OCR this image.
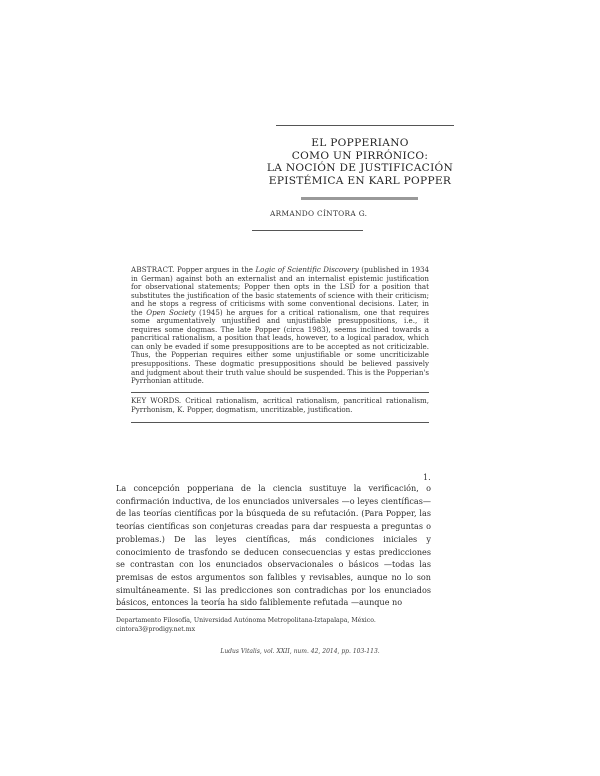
EL POPPERIANO
COMO UN PIRRÓNICO:
LA NOCIÓN DE JUSTIFICACIÓN
EPISTÉMICA EN KARL POPPER
ARMANDO CÍNTORA G.
ABSTRACT. Popper argues in the Logic of Scientific Discovery (published in 1934 in German) against both an externalist and an internalist epistemic justification for observational statements; Popper then opts in the LSD for a position that substitutes the justification of the basic statements of science with their criticism; and he stops a regress of criticisms with some conventional decisions. Later, in the Open Society (1945) he argues for a critical rationalism, one that requires some argumentatively unjustified and unjustifiable presuppositions, i.e., it requires some dogmas. The late Popper (circa 1983), seems inclined towards a pancritical rationalism, a position that leads, however, to a logical paradox, which can only be evaded if some presuppositions are to be accepted as not criticizable. Thus, the Popperian requires either some unjustifiable or some uncriticizable presuppositions. These dogmatic presuppositions should be believed passively and judgment about their truth value should be suspended. This is the Popperian's Pyrrhonian attitude.
KEY WORDS. Critical rationalism, acritical rationalism, pancritical rationalism, Pyrrhonism, K. Popper, dogmatism, uncritizable, justification.
1.

La concepción popperiana de la ciencia sustituye la verificación, o confirmación inductiva, de los enunciados universales —o leyes científicas— de las teorías científicas por la búsqueda de su refutación. (Para Popper, las teorías científicas son conjeturas creadas para dar respuesta a preguntas o problemas.) De las leyes científicas, más condiciones iniciales y conocimiento de trasfondo se deducen consecuencias y estas predicciones se contrastan con los enunciados observacionales o básicos —todas las premisas de estos argumentos son falibles y revisables, aunque no lo son simultáneamente. Si las predicciones son contradichas por los enunciados básicos, entonces la teoría ha sido faliblemente refutada —aunque no

Departamento Filosofía, Universidad Autónoma Metropolitana-Iztapalapa, México.
cintora3@prodigy.net.mx
Ludus Vitalis, vol. XXII, num. 42, 2014, pp. 103-113.
